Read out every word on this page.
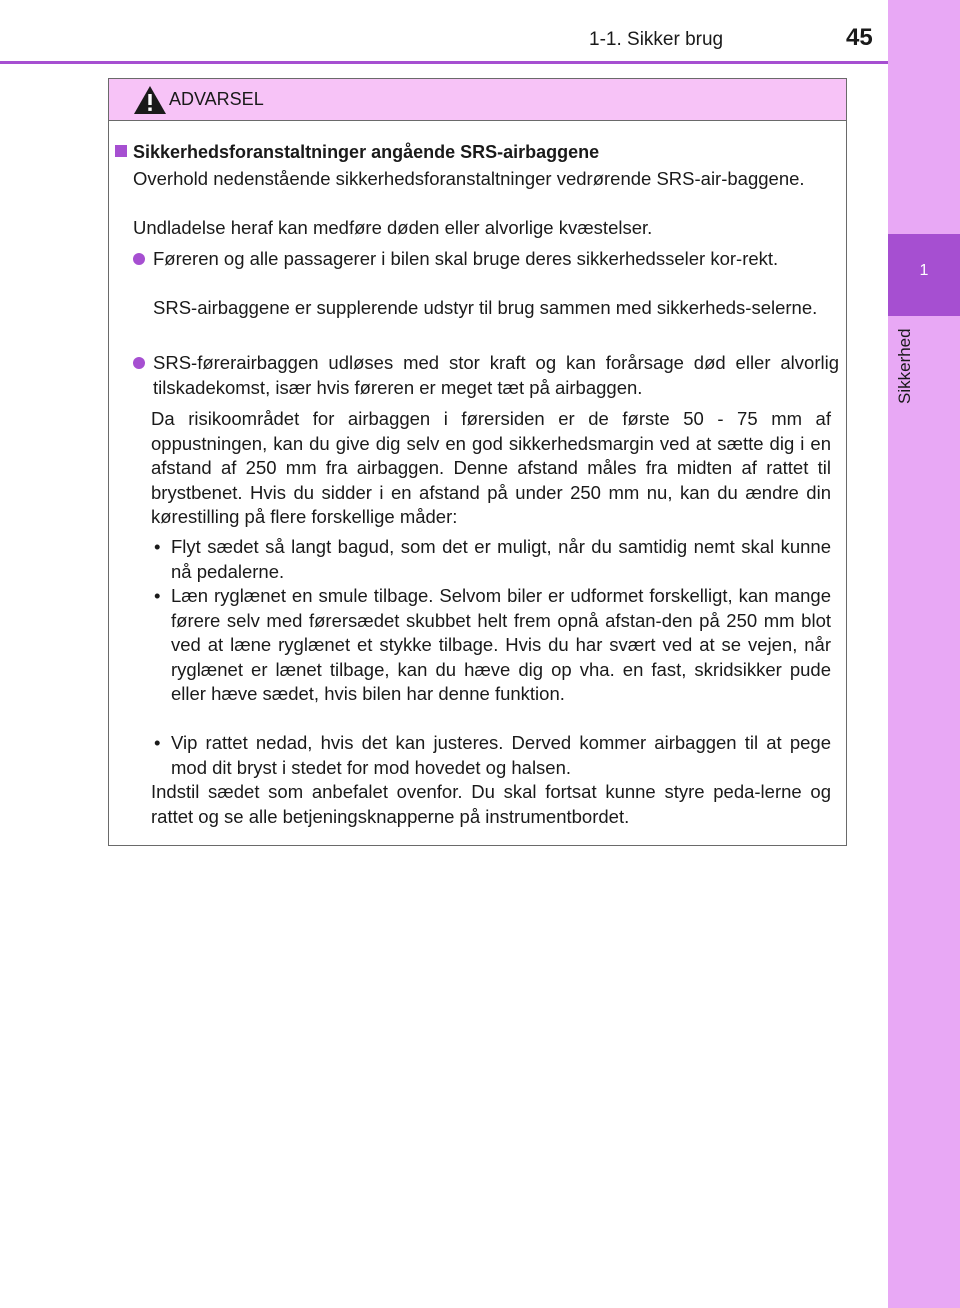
1-1. Sikker brug	45
1
Sikkerhed
ADVARSEL
Sikkerhedsforanstaltninger angående SRS-airbaggene
Overhold nedenstående sikkerhedsforanstaltninger vedrørende SRS-air-baggene.
Undladelse heraf kan medføre døden eller alvorlige kvæstelser.
Føreren og alle passagerer i bilen skal bruge deres sikkerhedsseler kor-rekt.
SRS-airbaggene er supplerende udstyr til brug sammen med sikkerheds-selerne.
SRS-førerairbaggen udløses med stor kraft og kan forårsage død eller alvorlig tilskadekomst, især hvis føreren er meget tæt på airbaggen.
Da risikoområdet for airbaggen i førersiden er de første 50 - 75 mm af oppustningen, kan du give dig selv en god sikkerhedsmargin ved at sætte dig i en afstand af 250 mm fra airbaggen. Denne afstand måles fra midten af rattet til brystbenet. Hvis du sidder i en afstand på under 250 mm nu, kan du ændre din kørestilling på flere forskellige måder:
• Flyt sædet så langt bagud, som det er muligt, når du samtidig nemt skal kunne nå pedalerne.
• Læn ryglænet en smule tilbage. Selvom biler er udformet forskelligt, kan mange førere selv med førersædet skubbet helt frem opnå afstan-den på 250 mm blot ved at læne ryglænet et stykke tilbage. Hvis du har svært ved at se vejen, når ryglænet er lænet tilbage, kan du hæve dig op vha. en fast, skridsikker pude eller hæve sædet, hvis bilen har denne funktion.
• Vip rattet nedad, hvis det kan justeres. Derved kommer airbaggen til at pege mod dit bryst i stedet for mod hovedet og halsen.
Indstil sædet som anbefalet ovenfor. Du skal fortsat kunne styre peda-lerne og rattet og se alle betjeningsknapperne på instrumentbordet.
